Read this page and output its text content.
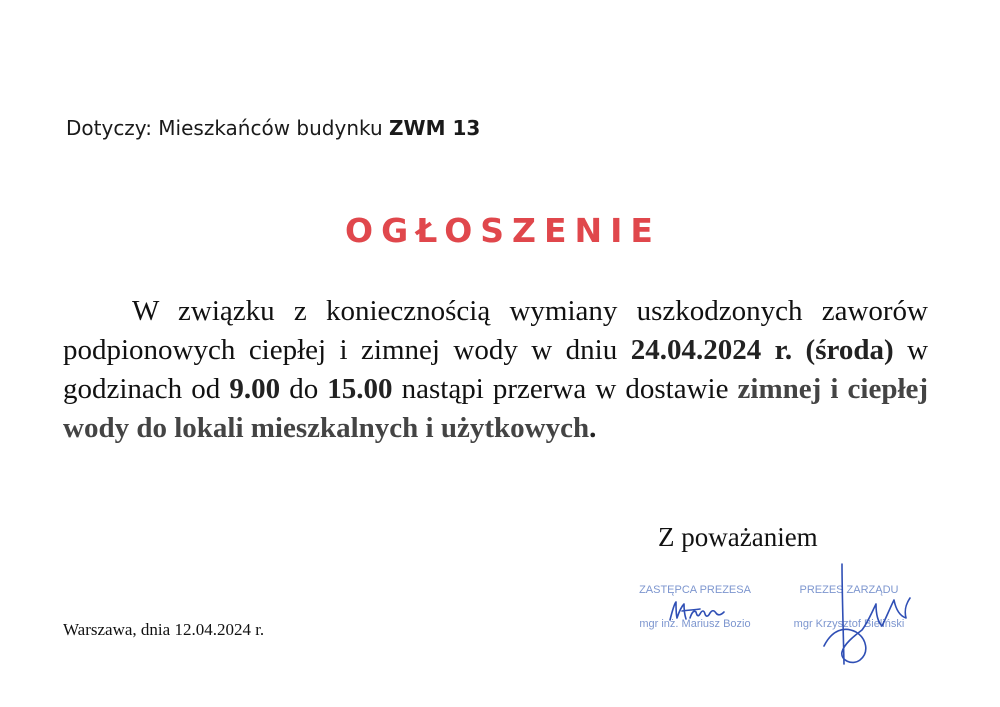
Dotyczy: Mieszkańców budynku ZWM 13
OGŁOSZENIE
W związku z koniecznością wymiany uszkodzonych zaworów podpionowych ciepłej i zimnej wody w dniu 24.04.2024 r. (środa) w godzinach od 9.00 do 15.00 nastąpi przerwa w dostawie zimnej i ciepłej wody do lokali mieszkalnych i użytkowych.
Z poważaniem
Warszawa, dnia 12.04.2024 r.
ZASTĘPCA PREZESA
mgr inż. Mariusz Bozio
PREZES ZARZĄDU
mgr Krzysztof Bieliński
